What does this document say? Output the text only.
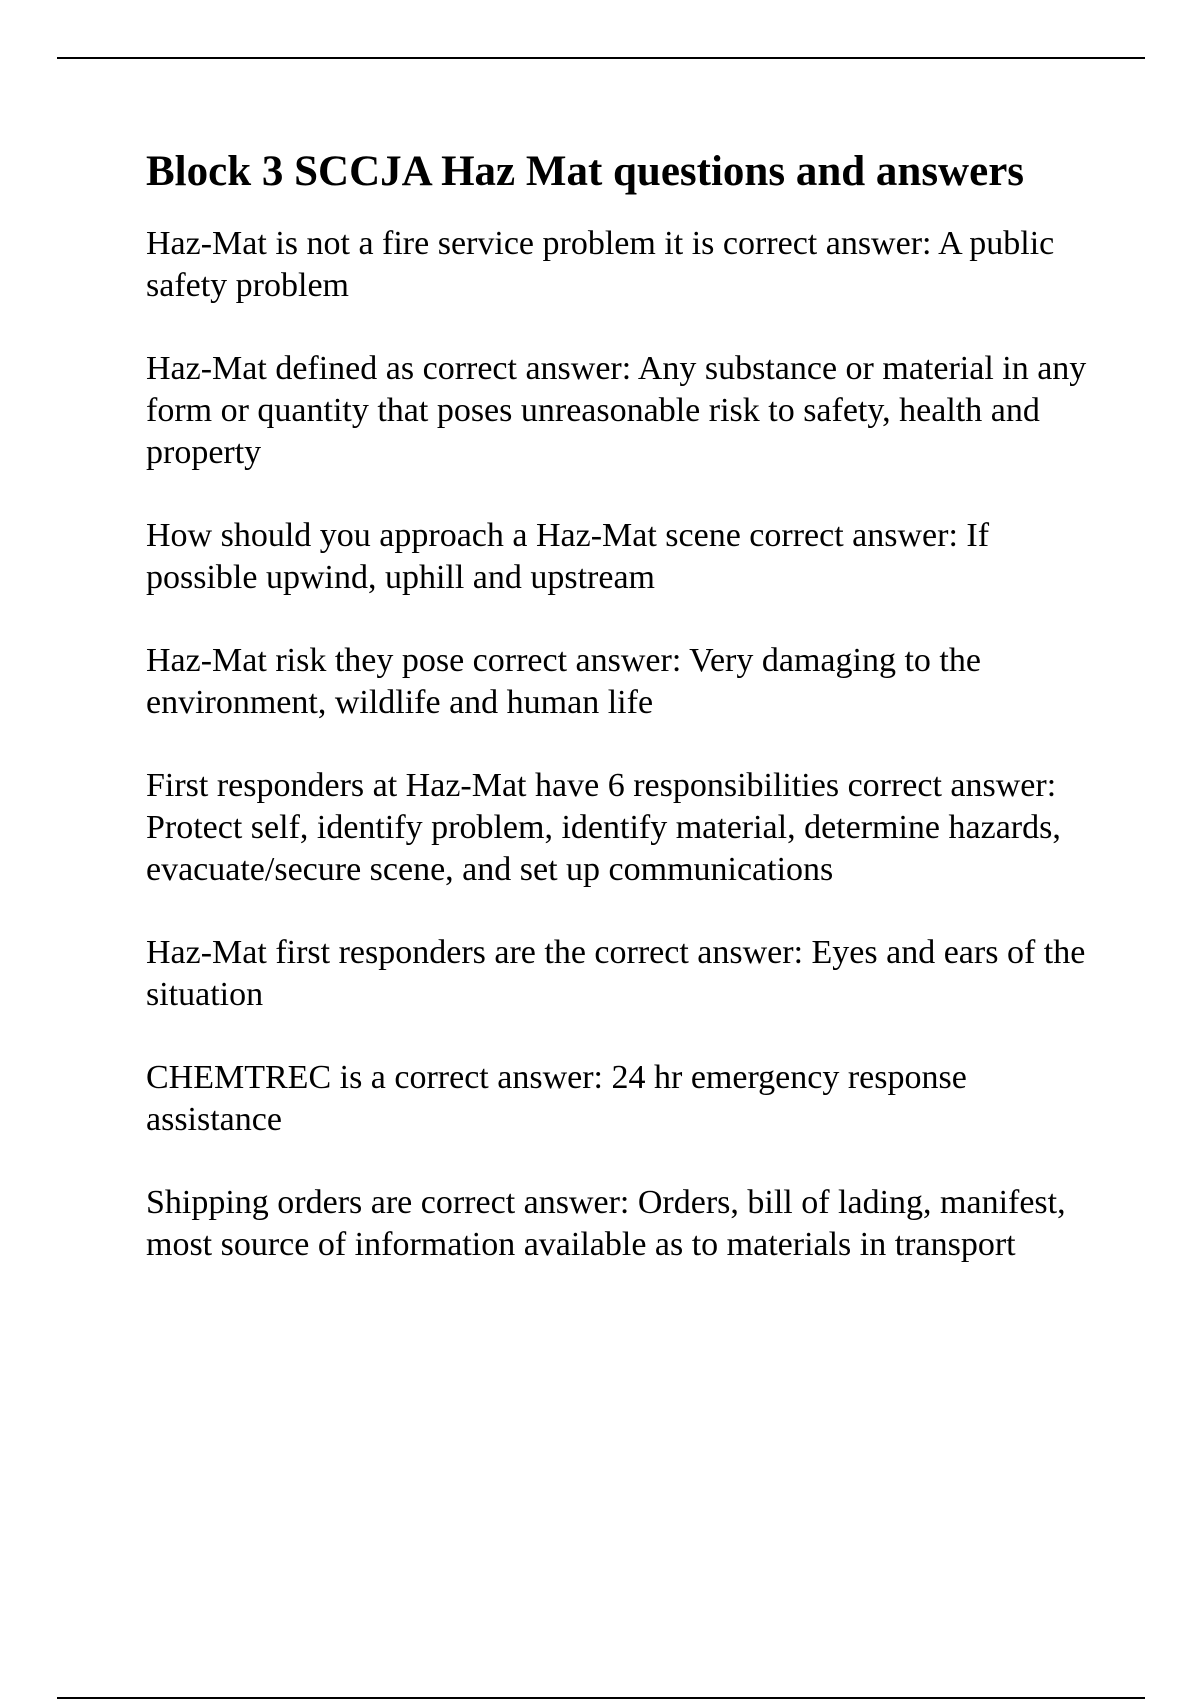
Block 3 SCCJA Haz Mat questions and answers

Haz-Mat is not a fire service problem it is correct answer: A public safety problem

Haz-Mat defined as correct answer: Any substance or material in any form or quantity that poses unreasonable risk to safety, health and property

How should you approach a Haz-Mat scene correct answer: If possible upwind, uphill and upstream

Haz-Mat risk they pose correct answer: Very damaging to the environment, wildlife and human life

First responders at Haz-Mat have 6 responsibilities correct answer: Protect self, identify problem, identify material, determine hazards, evacuate/secure scene, and set up communications

Haz-Mat first responders are the correct answer: Eyes and ears of the situation

CHEMTREC is a correct answer: 24 hr emergency response assistance

Shipping orders are correct answer: Orders, bill of lading, manifest, most source of information available as to materials in transport
